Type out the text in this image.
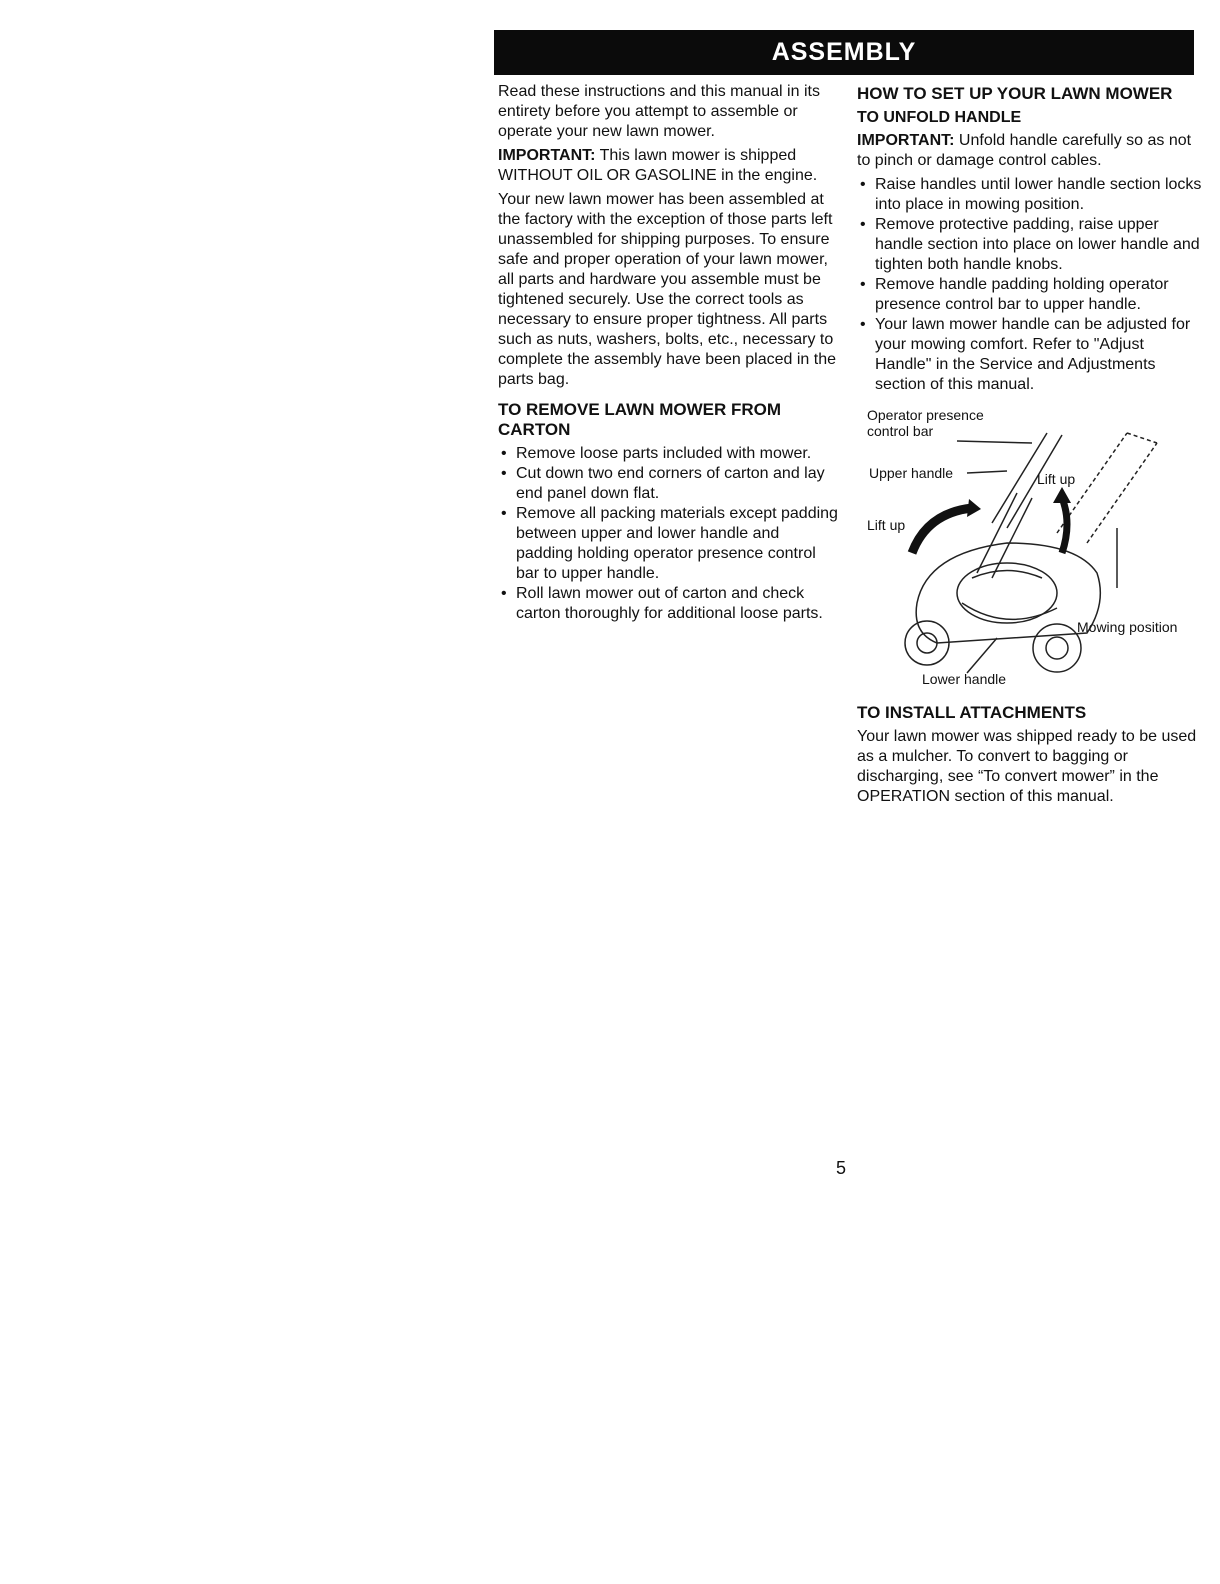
ASSEMBLY

Read these instructions and this manual in its entirety before you attempt to assemble or operate your new lawn mower.

IMPORTANT: This lawn mower is shipped WITHOUT OIL OR GASOLINE in the engine.

Your new lawn mower has been assembled at the factory with the exception of those parts left unassembled for shipping purposes. To ensure safe and proper operation of your lawn mower, all parts and hardware you assemble must be tightened securely. Use the correct tools as necessary to ensure proper tightness. All parts such as nuts, washers, bolts, etc., necessary to complete the assembly have been placed in the parts bag.

TO REMOVE LAWN MOWER FROM CARTON
• Remove loose parts included with mower.
• Cut down two end corners of carton and lay end panel down flat.
• Remove all packing materials except padding between upper and lower handle and padding holding operator presence control bar to upper handle.
• Roll lawn mower out of carton and check carton thoroughly for additional loose parts.
HOW TO SET UP YOUR LAWN MOWER
TO UNFOLD HANDLE

IMPORTANT: Unfold handle carefully so as not to pinch or damage control cables.

• Raise handles until lower handle section locks into place in mowing position.
• Remove protective padding, raise upper handle section into place on lower handle and tighten both handle knobs.
• Remove handle padding holding operator presence control bar to upper handle.
• Your lawn mower handle can be adjusted for your mowing comfort. Refer to "Adjust Handle" in the Service and Adjustments section of this manual.
Operator presence
control bar
Upper handle	Lift up
Lift up
Mowing position
Lower handle
TO INSTALL ATTACHMENTS

Your lawn mower was shipped ready to be used as a mulcher. To convert to bagging or discharging, see “To convert mower” in the OPERATION section of this manual.

5
